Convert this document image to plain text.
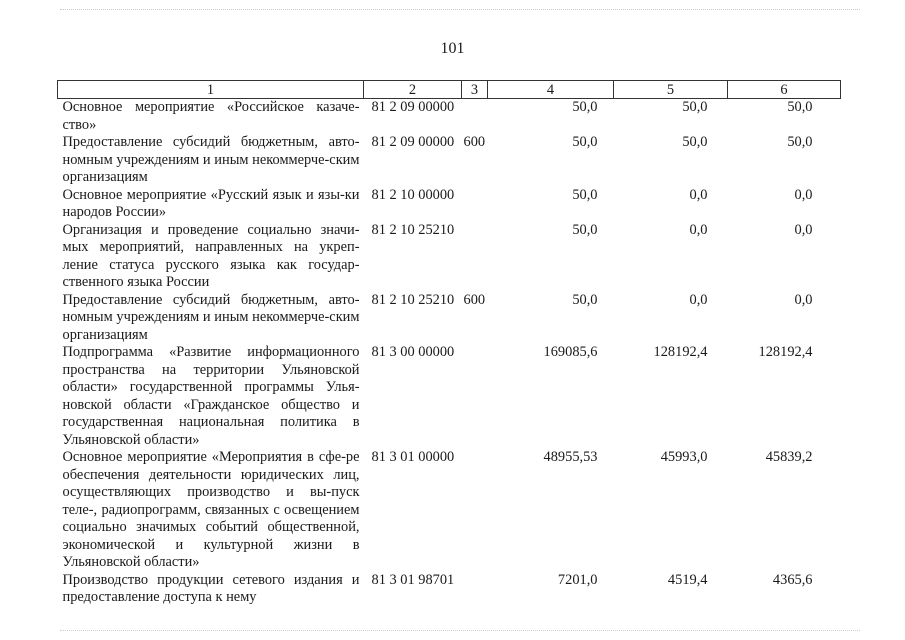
101
1	2	3	4	5	6
Основное мероприятие «Российское казаче-ство»	81 2 09 00000		50,0	50,0	50,0
Предоставление субсидий бюджетным, авто-номным учреждениям и иным некоммерче-ским организациям	81 2 09 00000	600	50,0	50,0	50,0
Основное мероприятие «Русский язык и язы-ки народов России»	81 2 10 00000		50,0	0,0	0,0
Организация и проведение социально значи-мых мероприятий, направленных на укреп-ление статуса русского языка как государ-ственного языка России	81 2 10 25210		50,0	0,0	0,0
Предоставление субсидий бюджетным, авто-номным учреждениям и иным некоммерче-ским организациям	81 2 10 25210	600	50,0	0,0	0,0
Подпрограмма «Развитие информационного пространства на территории Ульяновской области» государственной программы Улья-новской области «Гражданское общество и государственная национальная политика в Ульяновской области»	81 3 00 00000		169085,6	128192,4	128192,4
Основное мероприятие «Мероприятия в сфе-ре обеспечения деятельности юридических лиц, осуществляющих производство и вы-пуск теле-, радиопрограмм, связанных с освещением социально значимых событий общественной, экономической и культурной жизни в Ульяновской области»	81 3 01 00000		48955,53	45993,0	45839,2
Производство продукции сетевого издания и предоставление доступа к нему	81 3 01 98701		7201,0	4519,4	4365,6
